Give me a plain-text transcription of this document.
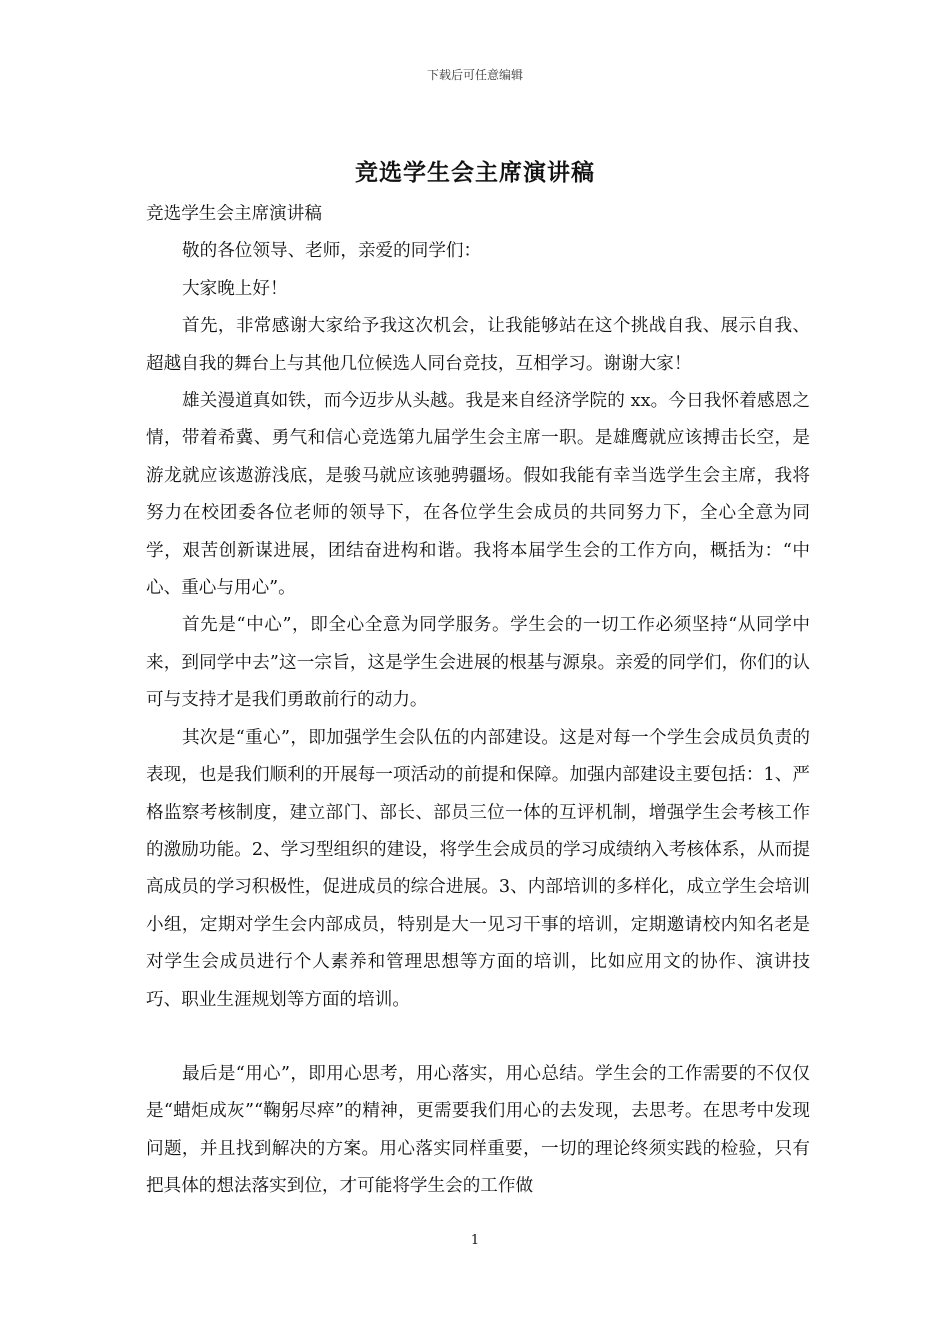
下载后可任意编辑
竞选学生会主席演讲稿

竞选学生会主席演讲稿

敬的各位领导、老师，亲爱的同学们：

大家晚上好！

首先，非常感谢大家给予我这次机会，让我能够站在这个挑战自我、展示自我、超越自我的舞台上与其他几位候选人同台竞技，互相学习。谢谢大家！

雄关漫道真如铁，而今迈步从头越。我是来自经济学院的 xx。今日我怀着感恩之情，带着希冀、勇气和信心竞选第九届学生会主席一职。是雄鹰就应该搏击长空，是游龙就应该遨游浅底，是骏马就应该驰骋疆场。假如我能有幸当选学生会主席，我将努力在校团委各位老师的领导下，在各位学生会成员的共同努力下，全心全意为同学，艰苦创新谋进展，团结奋进构和谐。我将本届学生会的工作方向，概括为：“中心、重心与用心”。

首先是“中心”，即全心全意为同学服务。学生会的一切工作必须坚持“从同学中来，到同学中去”这一宗旨，这是学生会进展的根基与源泉。亲爱的同学们，你们的认可与支持才是我们勇敢前行的动力。

其次是“重心”，即加强学生会队伍的内部建设。这是对每一个学生会成员负责的表现，也是我们顺利的开展每一项活动的前提和保障。加强内部建设主要包括：1、严格监察考核制度，建立部门、部长、部员三位一体的互评机制，增强学生会考核工作的激励功能。2、学习型组织的建设，将学生会成员的学习成绩纳入考核体系，从而提高成员的学习积极性，促进成员的综合进展。3、内部培训的多样化，成立学生会培训小组，定期对学生会内部成员，特别是大一见习干事的培训，定期邀请校内知名老是对学生会成员进行个人素养和管理思想等方面的培训，比如应用文的协作、演讲技巧、职业生涯规划等方面的培训。

最后是“用心”，即用心思考，用心落实，用心总结。学生会的工作需要的不仅仅是“蜡炬成灰”“鞠躬尽瘁”的精神，更需要我们用心的去发现，去思考。在思考中发现问题，并且找到解决的方案。用心落实同样重要，一切的理论终须实践的检验，只有把具体的想法落实到位，才可能将学生会的工作做

1
